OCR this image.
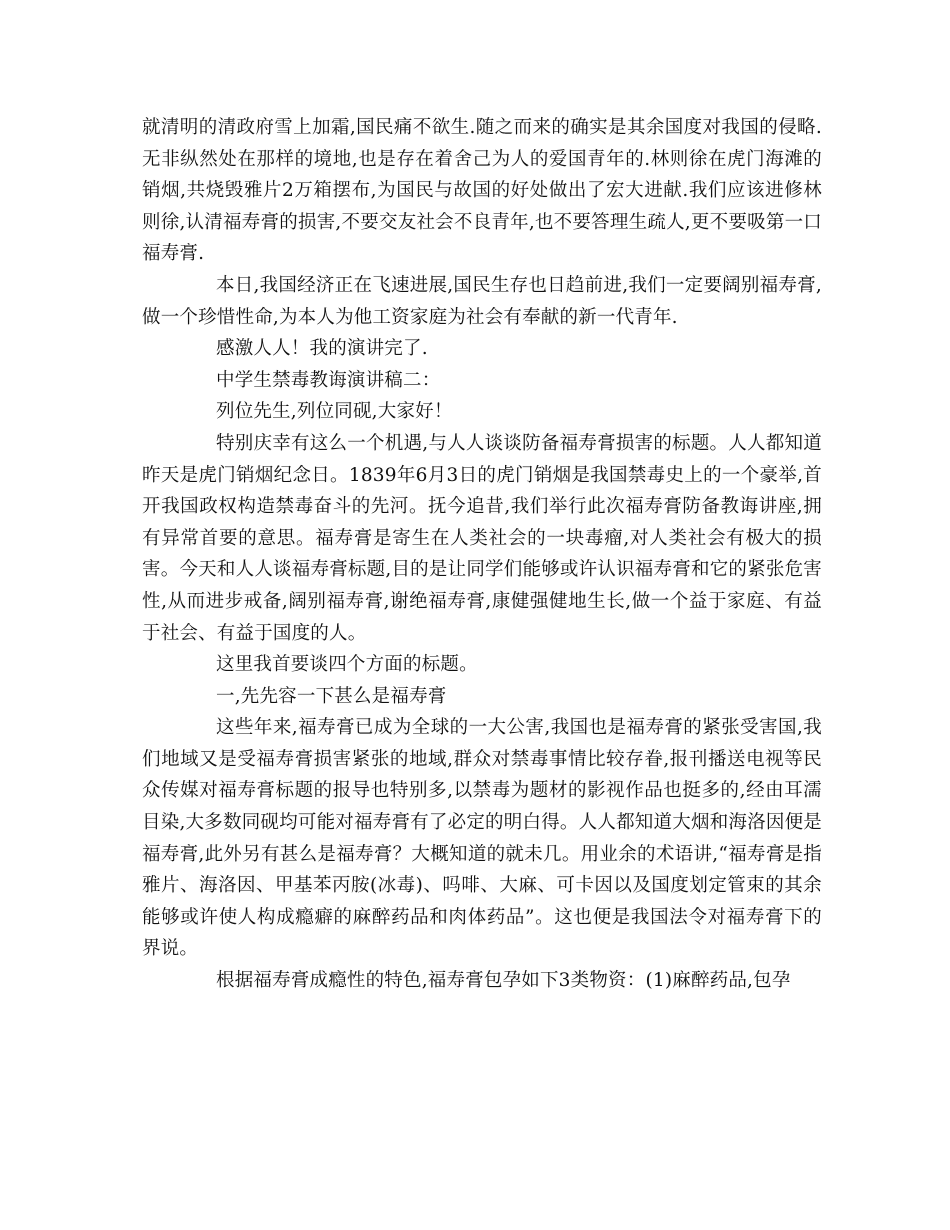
就清明的清政府雪上加霜,国民痛不欲生.随之而来的确实是其余国度对我国的侵略.无非纵然处在那样的境地,也是存在着舍己为人的爱国青年的.林则徐在虎门海滩的销烟,共烧毁雅片2万箱摆布,为国民与故国的好处做出了宏大进献.我们应该进修林则徐,认清福寿膏的损害,不要交友社会不良青年,也不要答理生疏人,更不要吸第一口福寿膏.

本日,我国经济正在飞速进展,国民生存也日趋前进,我们一定要阔别福寿膏,做一个珍惜性命,为本人为他工资家庭为社会有奉献的新一代青年.

感激人人！我的演讲完了.

中学生禁毒教诲演讲稿二：

列位先生,列位同砚,大家好！

特别庆幸有这么一个机遇,与人人谈谈防备福寿膏损害的标题。人人都知道昨天是虎门销烟纪念日。1839年6月3日的虎门销烟是我国禁毒史上的一个豪举,首开我国政权构造禁毒奋斗的先河。抚今追昔,我们举行此次福寿膏防备教诲讲座,拥有异常首要的意思。福寿膏是寄生在人类社会的一块毒瘤,对人类社会有极大的损害。今天和人人谈福寿膏标题,目的是让同学们能够或许认识福寿膏和它的紧张危害性,从而进步戒备,阔别福寿膏,谢绝福寿膏,康健强健地生长,做一个益于家庭、有益于社会、有益于国度的人。

这里我首要谈四个方面的标题。

一,先先容一下甚么是福寿膏

这些年来,福寿膏已成为全球的一大公害,我国也是福寿膏的紧张受害国,我们地域又是受福寿膏损害紧张的地域,群众对禁毒事情比较存眷,报刊播送电视等民众传媒对福寿膏标题的报导也特别多,以禁毒为题材的影视作品也挺多的,经由耳濡目染,大多数同砚均可能对福寿膏有了必定的明白得。人人都知道大烟和海洛因便是福寿膏,此外另有甚么是福寿膏？大概知道的就未几。用业余的术语讲,“福寿膏是指雅片、海洛因、甲基苯丙胺(冰毒)、吗啡、大麻、可卡因以及国度划定管束的其余能够或许使人构成瘾癖的麻醉药品和肉体药品”。这也便是我国法令对福寿膏下的界说。

根据福寿膏成瘾性的特色,福寿膏包孕如下3类物资：(1)麻醉药品,包孕
